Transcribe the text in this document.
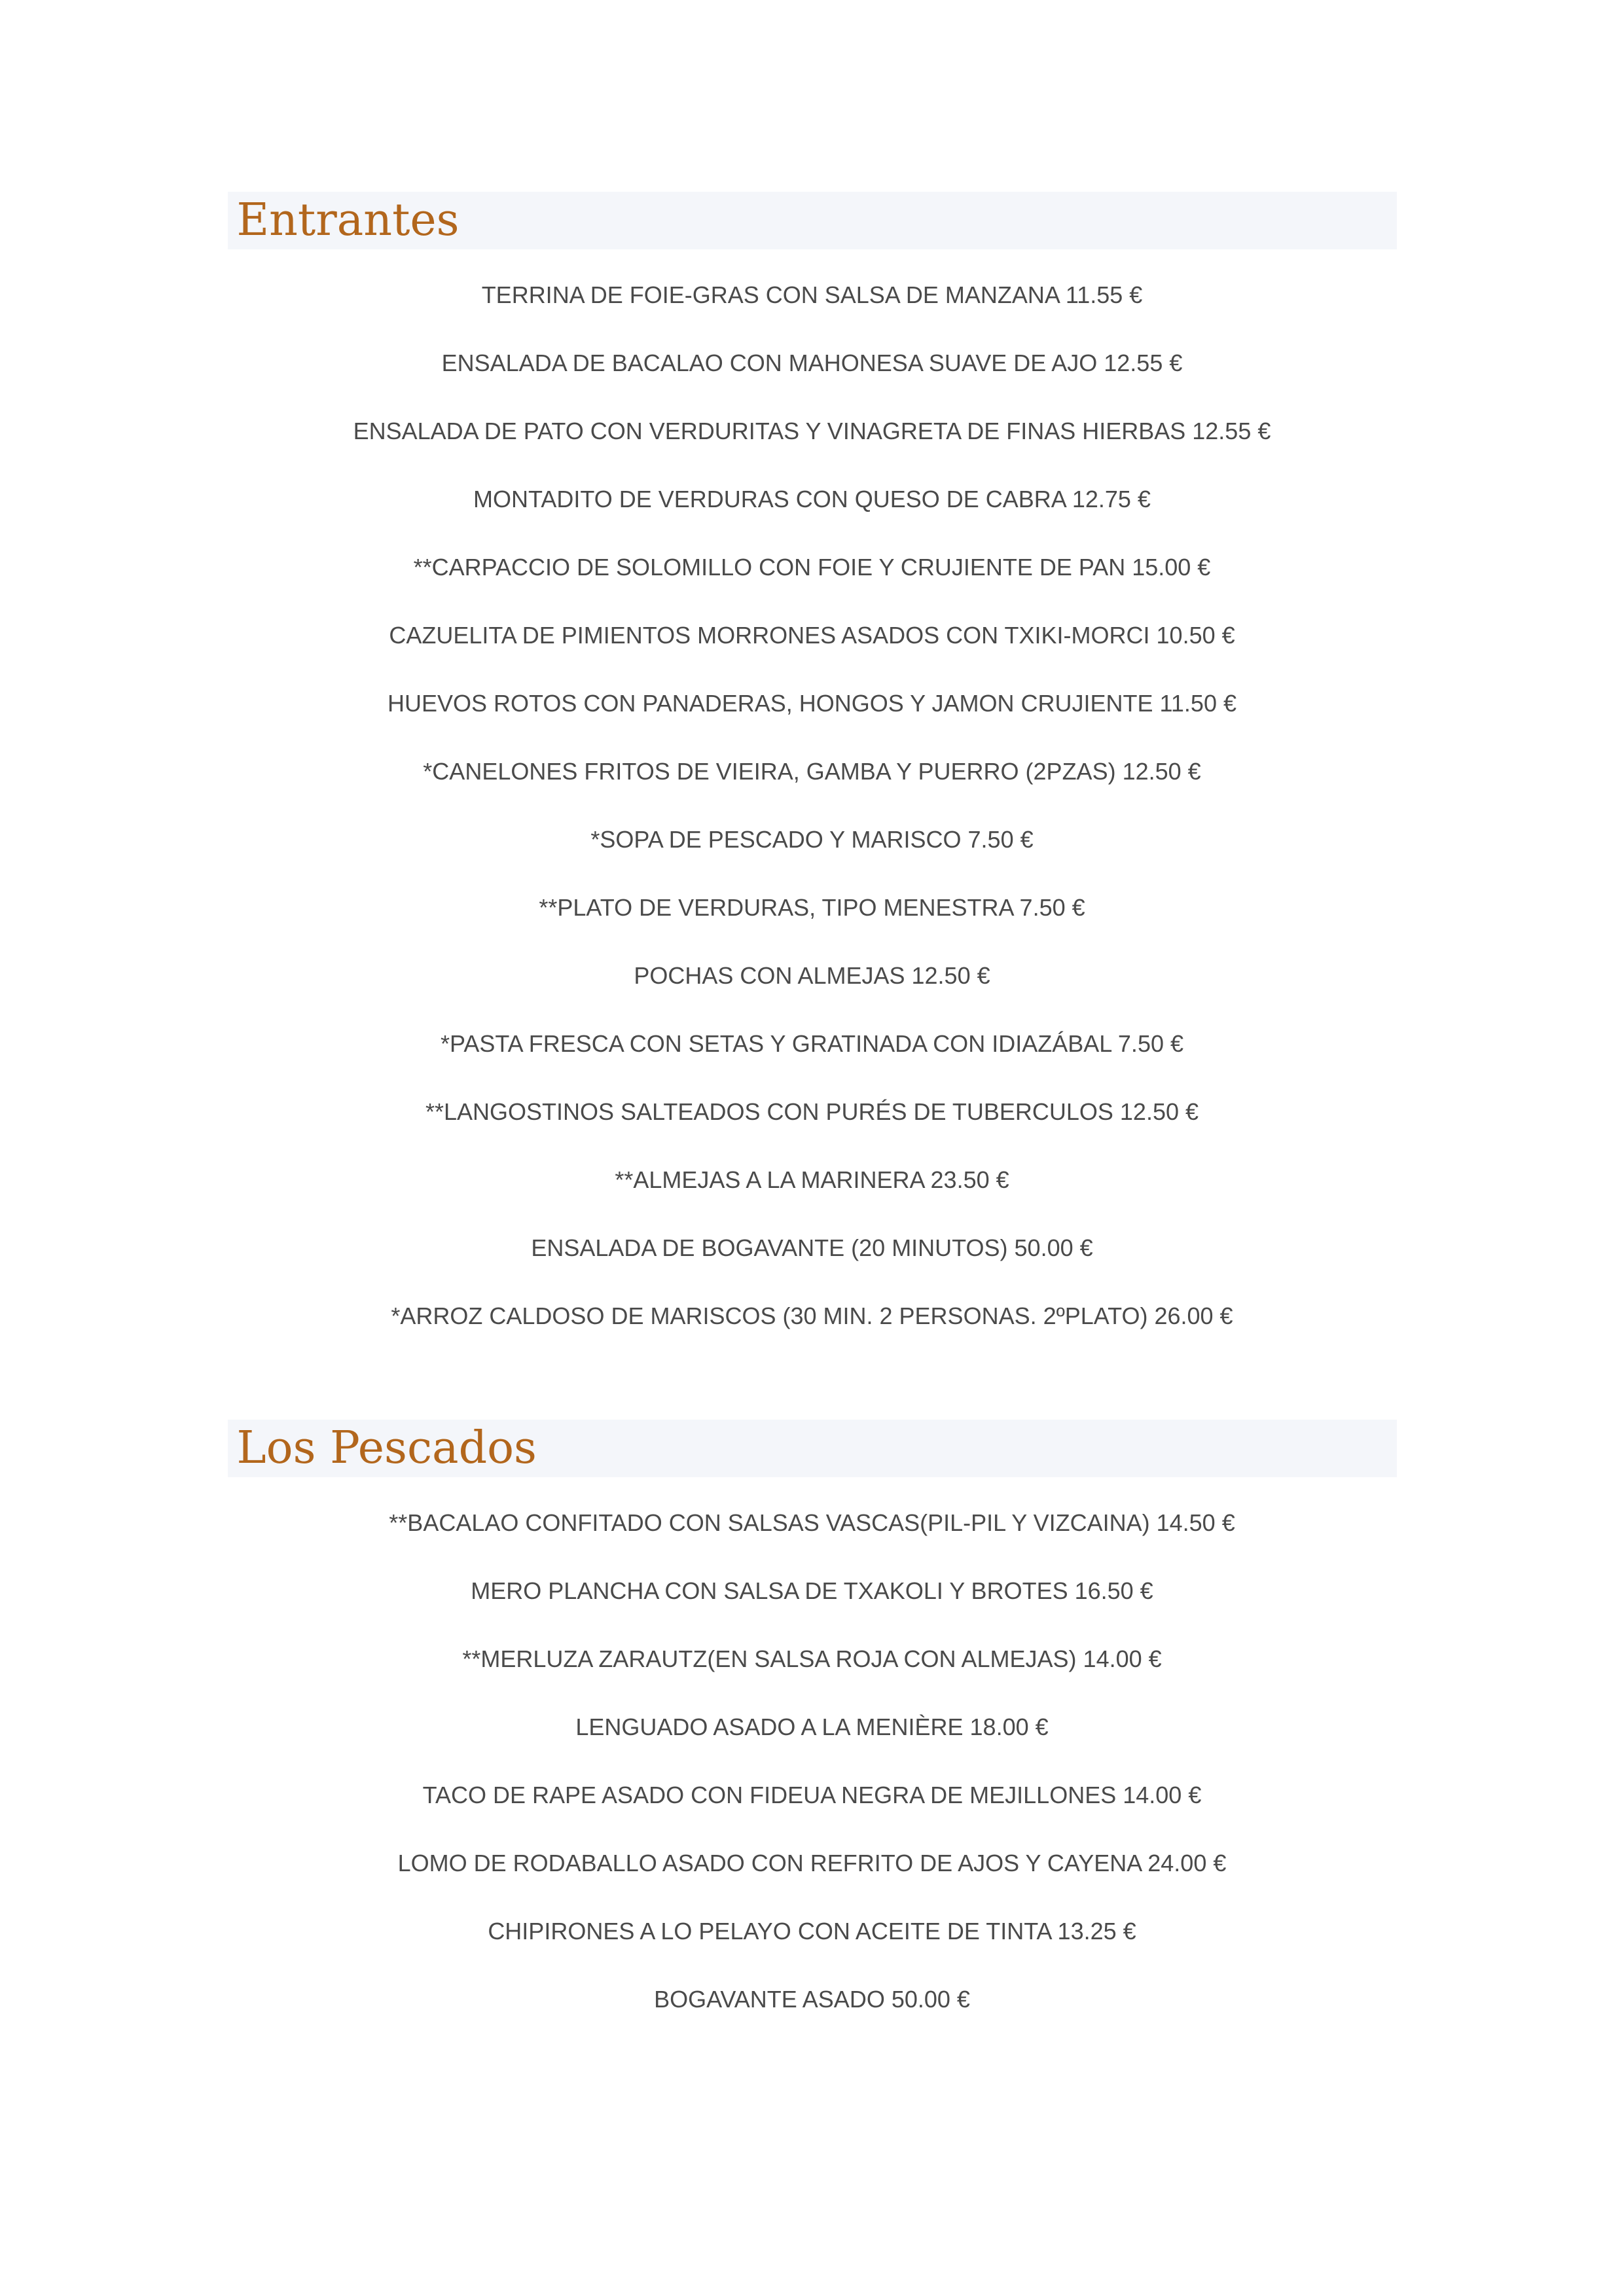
Entrantes
TERRINA DE FOIE-GRAS CON SALSA DE MANZANA 11.55 €
ENSALADA DE BACALAO CON MAHONESA SUAVE DE AJO 12.55 €
ENSALADA DE PATO CON VERDURITAS Y VINAGRETA DE FINAS HIERBAS 12.55 €
MONTADITO DE VERDURAS CON QUESO DE CABRA 12.75 €
**CARPACCIO DE SOLOMILLO CON FOIE Y CRUJIENTE DE PAN 15.00 €
CAZUELITA DE PIMIENTOS MORRONES ASADOS CON TXIKI-MORCI 10.50 €
HUEVOS ROTOS CON PANADERAS, HONGOS Y JAMON CRUJIENTE 11.50 €
*CANELONES FRITOS DE VIEIRA, GAMBA Y PUERRO (2PZAS) 12.50 €
*SOPA DE PESCADO Y MARISCO 7.50 €
**PLATO DE VERDURAS, TIPO MENESTRA 7.50 €
POCHAS CON ALMEJAS 12.50 €
*PASTA FRESCA CON SETAS Y GRATINADA CON IDIAZÁBAL 7.50 €
**LANGOSTINOS SALTEADOS CON PURÉS DE TUBERCULOS 12.50 €
**ALMEJAS A LA MARINERA 23.50 €
ENSALADA DE BOGAVANTE (20 MINUTOS) 50.00 €
*ARROZ CALDOSO DE MARISCOS (30 MIN. 2 PERSONAS. 2ºPLATO) 26.00 €
Los Pescados
**BACALAO CONFITADO CON SALSAS VASCAS(PIL-PIL Y VIZCAINA) 14.50 €
MERO PLANCHA CON SALSA DE TXAKOLI Y BROTES 16.50 €
**MERLUZA ZARAUTZ(EN SALSA ROJA CON ALMEJAS) 14.00 €
LENGUADO ASADO A LA MENIÈRE 18.00 €
TACO DE RAPE ASADO CON FIDEUA NEGRA DE MEJILLONES 14.00 €
LOMO DE RODABALLO ASADO CON REFRITO DE AJOS Y CAYENA 24.00 €
CHIPIRONES A LO PELAYO CON ACEITE DE TINTA 13.25 €
BOGAVANTE ASADO 50.00 €
